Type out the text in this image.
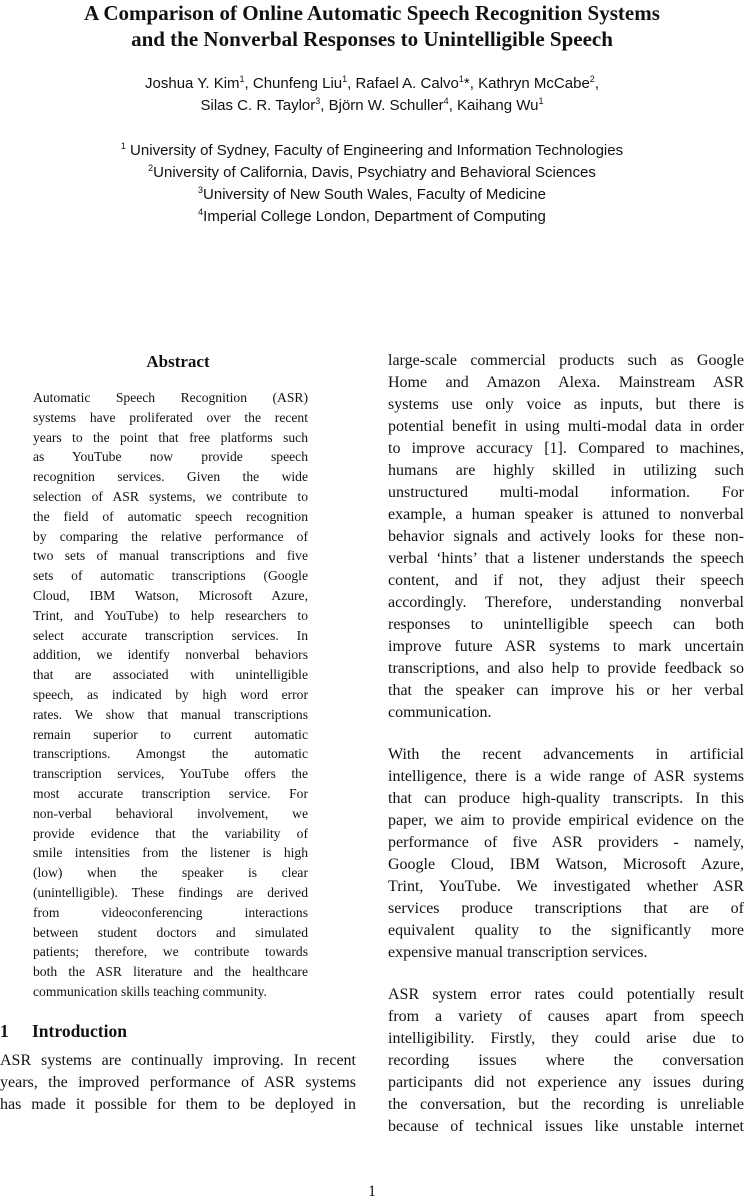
A Comparison of Online Automatic Speech Recognition Systems
and the Nonverbal Responses to Unintelligible Speech
Joshua Y. Kim$^1$, Chunfeng Liu$^1$, Rafael A. Calvo$^1$*, Kathryn McCabe$^2$,
Silas C. R. Taylor$^3$, Björn W. Schuller$^4$, Kaihang Wu$^1$
$^1$ University of Sydney, Faculty of Engineering and Information Technologies
$^2$University of California, Davis, Psychiatry and Behavioral Sciences
$^3$University of New South Wales, Faculty of Medicine
$^4$Imperial College London, Department of Computing
Abstract
Automatic Speech Recognition (ASR)
systems have proliferated over the recent
years to the point that free platforms such
as YouTube now provide speech
recognition services. Given the wide
selection of ASR systems, we contribute to
the field of automatic speech recognition
by comparing the relative performance of
two sets of manual transcriptions and five
sets of automatic transcriptions (Google
Cloud, IBM Watson, Microsoft Azure,
Trint, and YouTube) to help researchers to
select accurate transcription services. In
addition, we identify nonverbal behaviors
that are associated with unintelligible
speech, as indicated by high word error
rates. We show that manual transcriptions
remain superior to current automatic
transcriptions. Amongst the automatic
transcription services, YouTube offers the
most accurate transcription service. For
non-verbal behavioral involvement, we
provide evidence that the variability of
smile intensities from the listener is high
(low) when the speaker is clear
(unintelligible). These findings are derived
from videoconferencing interactions
between student doctors and simulated
patients; therefore, we contribute towards
both the ASR literature and the healthcare
communication skills teaching community.
1 Introduction
ASR systems are continually improving. In recent
years, the improved performance of ASR systems
has made it possible for them to be deployed in
large-scale commercial products such as Google
Home and Amazon Alexa. Mainstream ASR
systems use only voice as inputs, but there is
potential benefit in using multi-modal data in order
to improve accuracy [1]. Compared to machines,
humans are highly skilled in utilizing such
unstructured multi-modal information. For
example, a human speaker is attuned to nonverbal
behavior signals and actively looks for these non-
verbal ‘hints’ that a listener understands the speech
content, and if not, they adjust their speech
accordingly. Therefore, understanding nonverbal
responses to unintelligible speech can both
improve future ASR systems to mark uncertain
transcriptions, and also help to provide feedback so
that the speaker can improve his or her verbal
communication.
With the recent advancements in artificial
intelligence, there is a wide range of ASR systems
that can produce high-quality transcripts. In this
paper, we aim to provide empirical evidence on the
performance of five ASR providers - namely,
Google Cloud, IBM Watson, Microsoft Azure,
Trint, YouTube. We investigated whether ASR
services produce transcriptions that are of
equivalent quality to the significantly more
expensive manual transcription services.
ASR system error rates could potentially result
from a variety of causes apart from speech
intelligibility. Firstly, they could arise due to
recording issues where the conversation
participants did not experience any issues during
the conversation, but the recording is unreliable
because of technical issues like unstable internet
1
